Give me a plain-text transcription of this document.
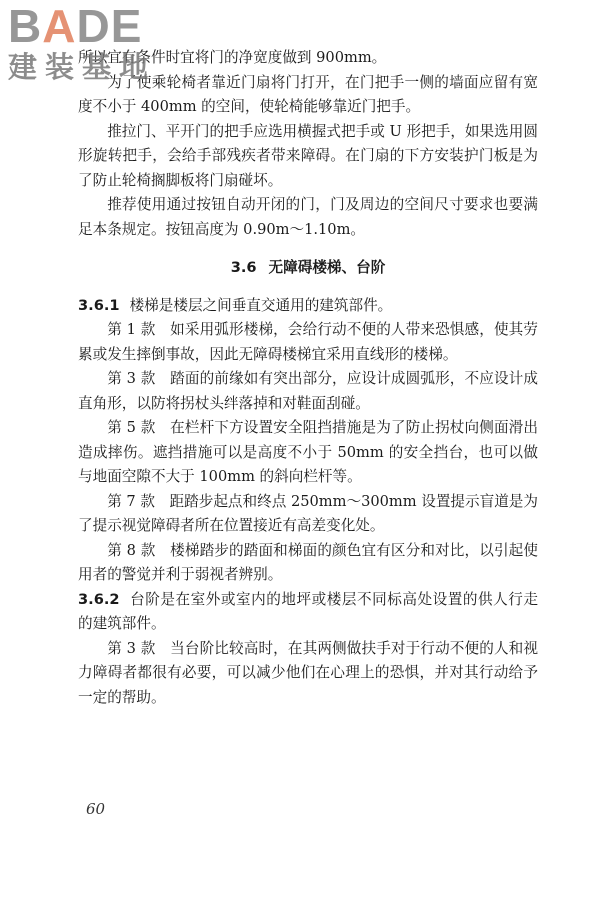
BADE
建装基地

所以宜有条件时宜将门的净宽度做到 900mm。

为了使乘轮椅者靠近门扇将门打开，在门把手一侧的墙面应留有宽度不小于 400mm 的空间，使轮椅能够靠近门把手。

推拉门、平开门的把手应选用横握式把手或 U 形把手，如果选用圆形旋转把手，会给手部残疾者带来障碍。在门扇的下方安装护门板是为了防止轮椅搁脚板将门扇碰坏。

推荐使用通过按钮自动开闭的门，门及周边的空间尺寸要求也要满足本条规定。按钮高度为 0.90m～1.10m。

3.6 无障碍楼梯、台阶

3.6.1 楼梯是楼层之间垂直交通用的建筑部件。

第 1 款　如采用弧形楼梯，会给行动不便的人带来恐惧感，使其劳累或发生摔倒事故，因此无障碍楼梯宜采用直线形的楼梯。

第 3 款　踏面的前缘如有突出部分，应设计成圆弧形，不应设计成直角形，以防将拐杖头绊落掉和对鞋面刮碰。

第 5 款　在栏杆下方设置安全阻挡措施是为了防止拐杖向侧面滑出造成摔伤。遮挡措施可以是高度不小于 50mm 的安全挡台，也可以做与地面空隙不大于 100mm 的斜向栏杆等。

第 7 款　距踏步起点和终点 250mm～300mm 设置提示盲道是为了提示视觉障碍者所在位置接近有高差变化处。

第 8 款　楼梯踏步的踏面和梯面的颜色宜有区分和对比，以引起使用者的警觉并利于弱视者辨别。

3.6.2 台阶是在室外或室内的地坪或楼层不同标高处设置的供人行走的建筑部件。

第 3 款　当台阶比较高时，在其两侧做扶手对于行动不便的人和视力障碍者都很有必要，可以减少他们在心理上的恐惧，并对其行动给予一定的帮助。

60
